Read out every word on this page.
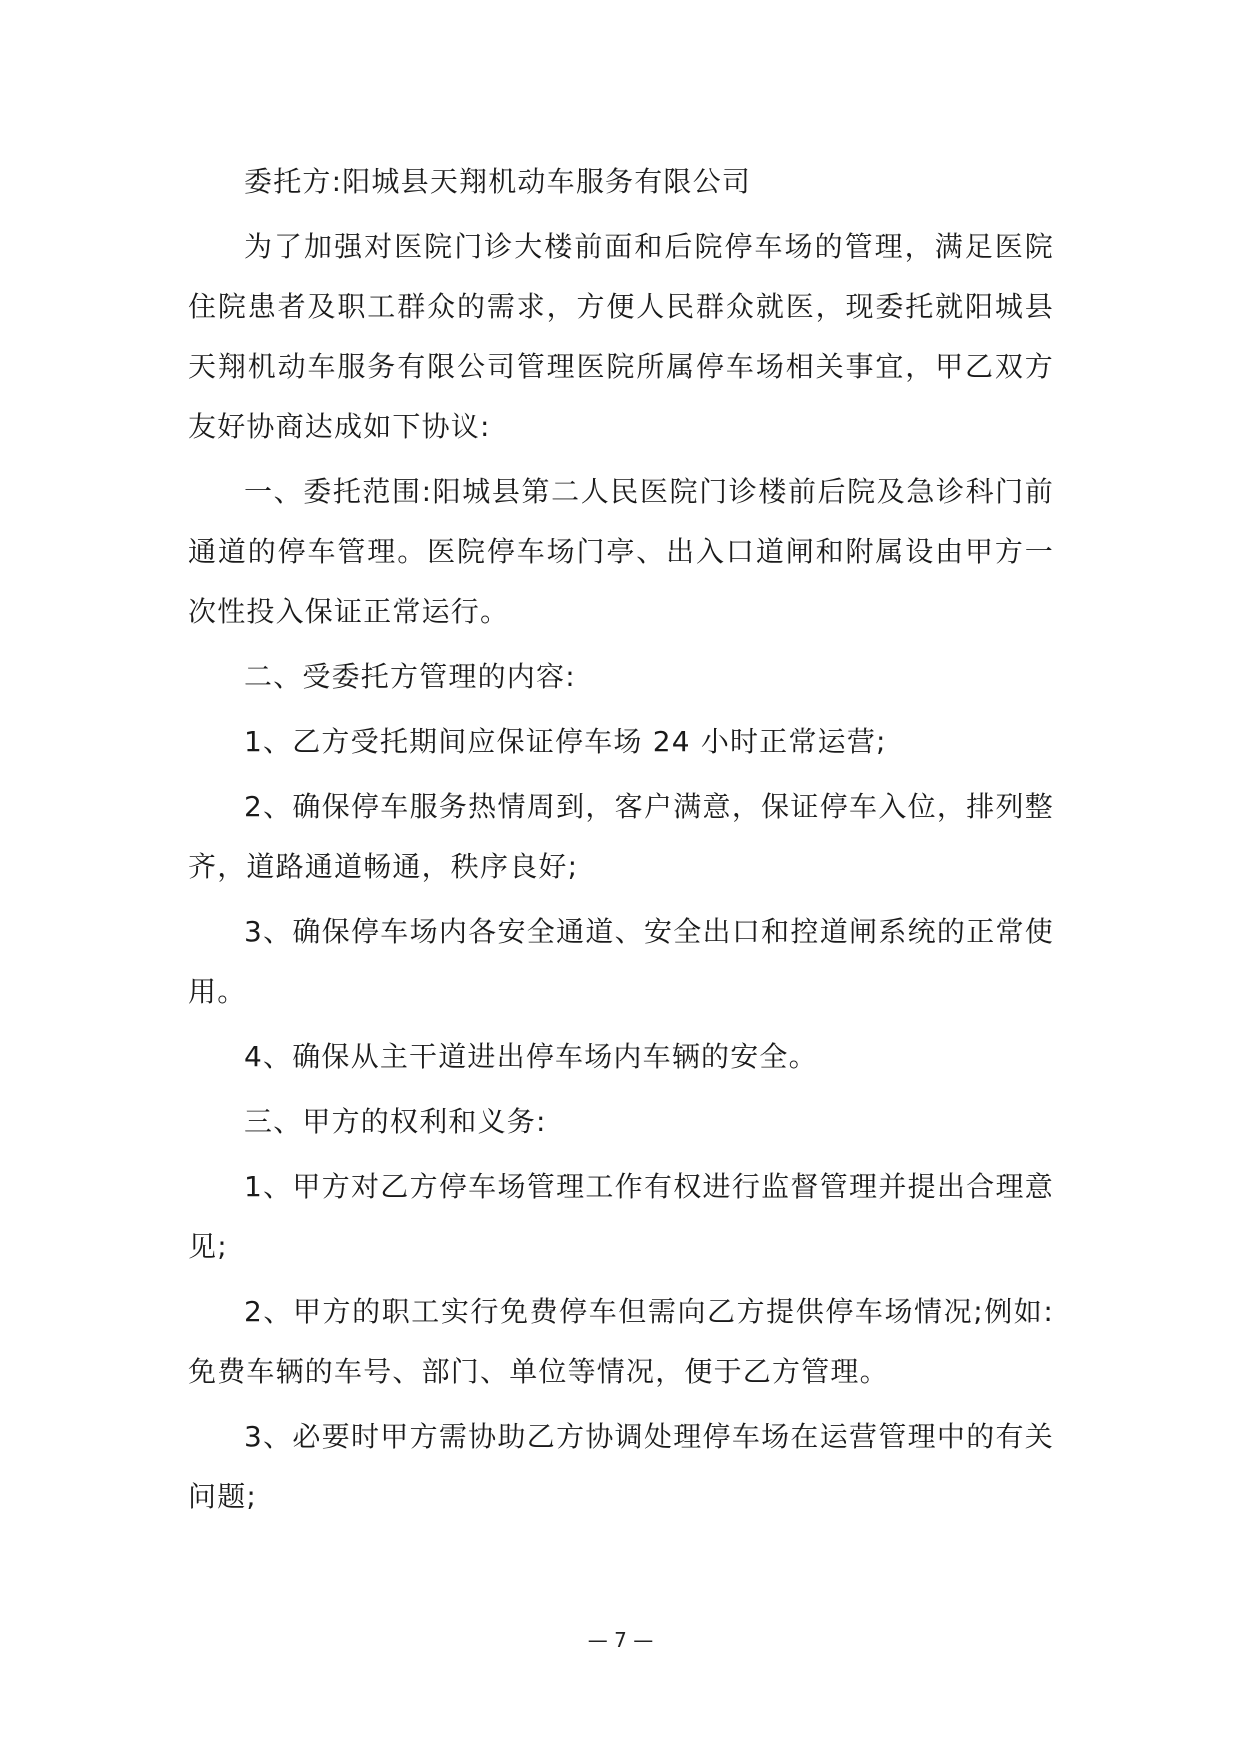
委托方:阳城县天翔机动车服务有限公司

为了加强对医院门诊大楼前面和后院停车场的管理，满足医院住院患者及职工群众的需求，方便人民群众就医，现委托就阳城县天翔机动车服务有限公司管理医院所属停车场相关事宜，甲乙双方友好协商达成如下协议:

一、委托范围:阳城县第二人民医院门诊楼前后院及急诊科门前通道的停车管理。医院停车场门亭、出入口道闸和附属设由甲方一次性投入保证正常运行。

二、受委托方管理的内容:

1、乙方受托期间应保证停车场 24 小时正常运营;

2、确保停车服务热情周到，客户满意，保证停车入位，排列整齐，道路通道畅通，秩序良好;

3、确保停车场内各安全通道、安全出口和控道闸系统的正常使用。

4、确保从主干道进出停车场内车辆的安全。

三、甲方的权利和义务:

1、甲方对乙方停车场管理工作有权进行监督管理并提出合理意见;

2、甲方的职工实行免费停车但需向乙方提供停车场情况;例如:免费车辆的车号、部门、单位等情况，便于乙方管理。

3、必要时甲方需协助乙方协调处理停车场在运营管理中的有关问题;

— 7 —
